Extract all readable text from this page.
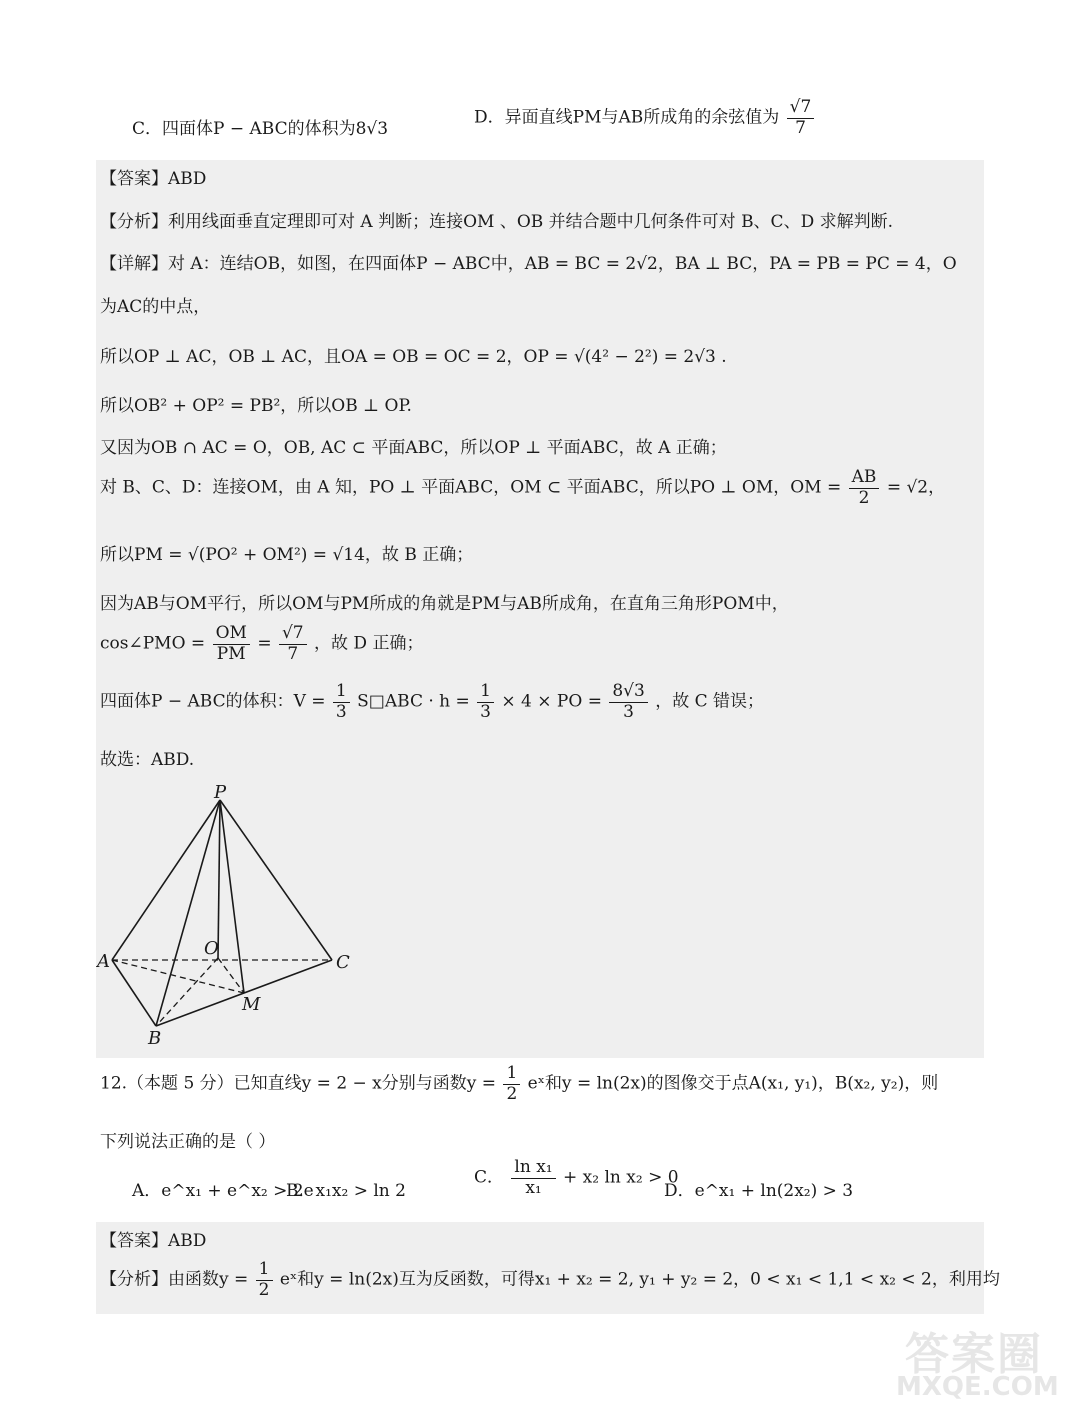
C．四面体P − ABC的体积为8√3
D．异面直线PM与AB所成角的余弦值为 $\frac{√7}{7}$
【答案】ABD
【分析】利用线面垂直定理即可对 A 判断；连接OM 、OB 并结合题中几何条件可对 B、C、D 求解判断.
【详解】对 A：连结OB，如图，在四面体P − ABC中，AB = BC = 2√2，BA ⊥ BC，PA = PB = PC = 4，O
为AC的中点，
所以OP ⊥ AC，OB ⊥ AC，且OA = OB = OC = 2，OP = √(4² − 2²) = 2√3 .
所以OB² + OP² = PB²，所以OB ⊥ OP.
又因为OB ∩ AC = O，OB, AC ⊂ 平面ABC，所以OP ⊥ 平面ABC，故 A 正确；
对 B、C、D：连接OM，由 A 知，PO ⊥ 平面ABC，OM ⊂ 平面ABC，所以PO ⊥ OM，OM = $\frac{AB}{2} = √2$，
所以PM = √(PO² + OM²) = √14，故 B 正确；
因为AB与OM平行，所以OM与PM所成的角就是PM与AB所成角，在直角三角形POM中，
cos∠PMO = $\frac{OM}{PM} = \frac{√7}{7}$ ，故 D 正确；
四面体P − ABC的体积：$V = \frac{1}{3}$ S□ABC · $h = \frac{1}{3} \times 4$ × PO = $\frac{8√3}{3}$ ，故 C 错误；
故选：ABD.
P
A
O
C
M
B
12.（本题 5 分）已知直线y = 2 − x分别与函数$y = \frac{1}{2}$ eˣ和y = ln(2x)的图像交于点A(x₁, y₁)，B(x₂, y₂)，则
下列说法正确的是（ ）
A．e^x₁ + e^x₂ > 2e
B．x₁x₂ > ln 2
C． $\frac{\text{ln x₁}}{\text{x₁}} + x_2$ ln x₂ > 0
D．e^x₁ + ln(2x₂) > 3
【答案】ABD
【分析】由函数$y = \frac{1}{2}$ eˣ和y = ln(2x)互为反函数，可得x₁ + x₂ = 2, y₁ + y₂ = 2，0 < x₁ < 1,1 < x₂ < 2，利用均
答案圈
MXQE.COM
